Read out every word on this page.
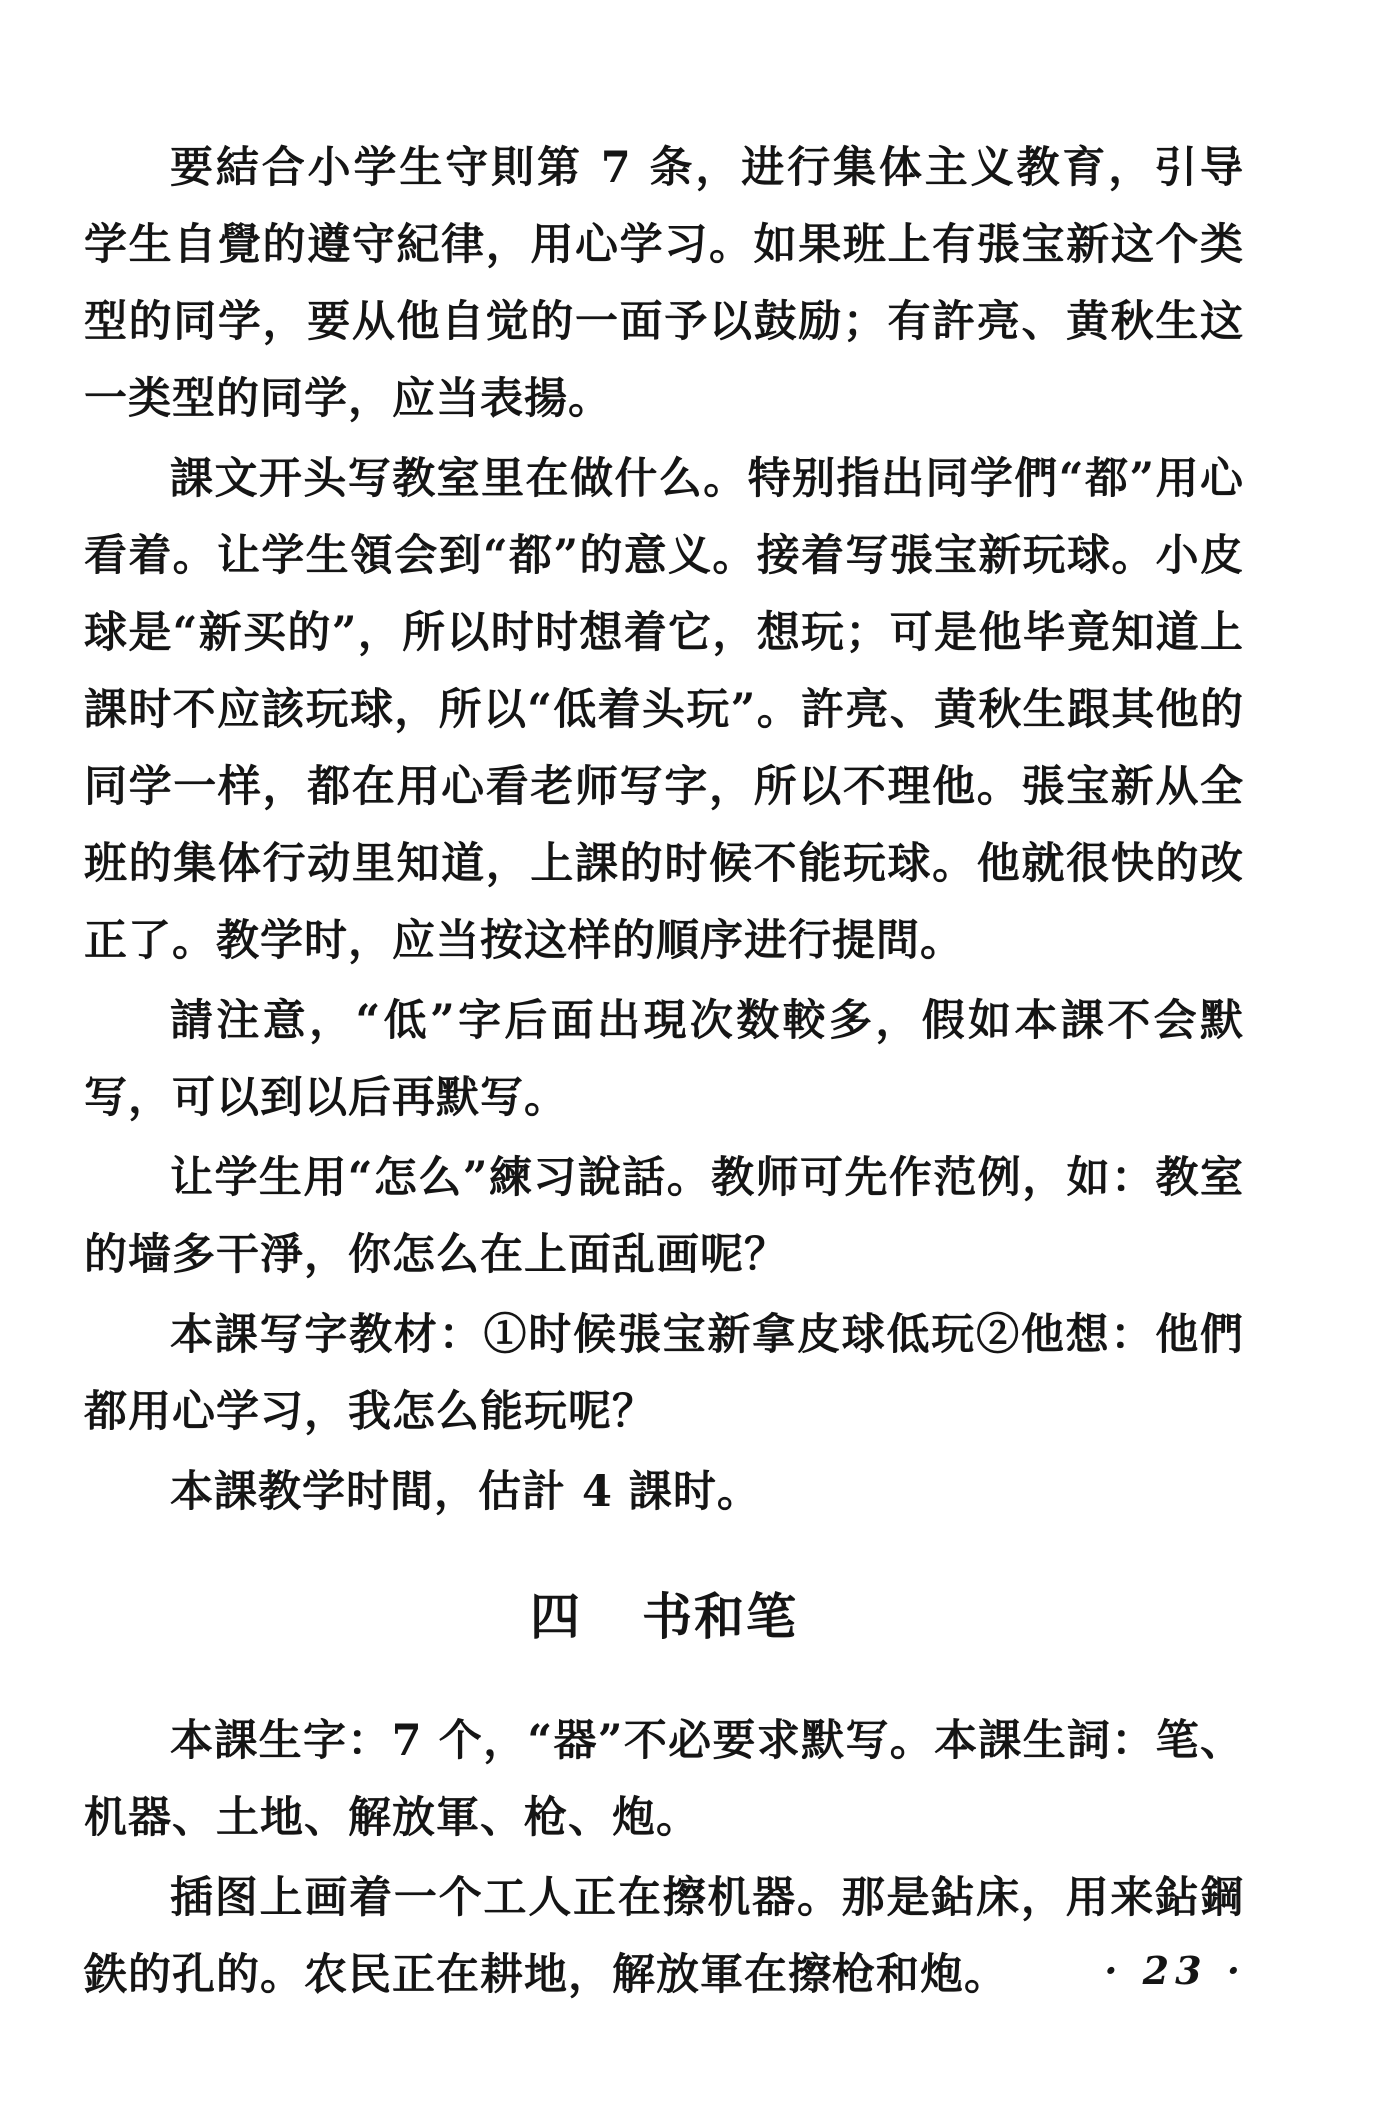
要結合小学生守則第 7 条，进行集体主义教育，引导学生自覺的遵守紀律，用心学习。如果班上有張宝新这个类型的同学，要从他自觉的一面予以鼓励；有許亮、黄秋生这一类型的同学，应当表揚。

課文开头写教室里在做什么。特别指出同学們“都”用心看着。让学生領会到“都”的意义。接着写張宝新玩球。小皮球是“新买的”，所以时时想着它，想玩；可是他毕竟知道上課时不应該玩球，所以“低着头玩”。許亮、黄秋生跟其他的同学一样，都在用心看老师写字，所以不理他。張宝新从全班的集体行动里知道，上課的时候不能玩球。他就很快的改正了。教学时，应当按这样的順序进行提問。

請注意，“低”字后面出現次数較多，假如本課不会默写，可以到以后再默写。

让学生用“怎么”練习說話。教师可先作范例，如：教室的墙多干淨，你怎么在上面乱画呢？

本課写字教材：①时候張宝新拿皮球低玩②他想：他們都用心学习，我怎么能玩呢？

本課教学时間，估計 4 課时。

四 书和笔

本課生字：7 个，“器”不必要求默写。本課生詞：笔、机器、土地、解放軍、枪、炮。

插图上画着一个工人正在擦机器。那是鉆床，用来鉆鋼鉄的孔的。农民正在耕地，解放軍在擦枪和炮。	· 23 ·
